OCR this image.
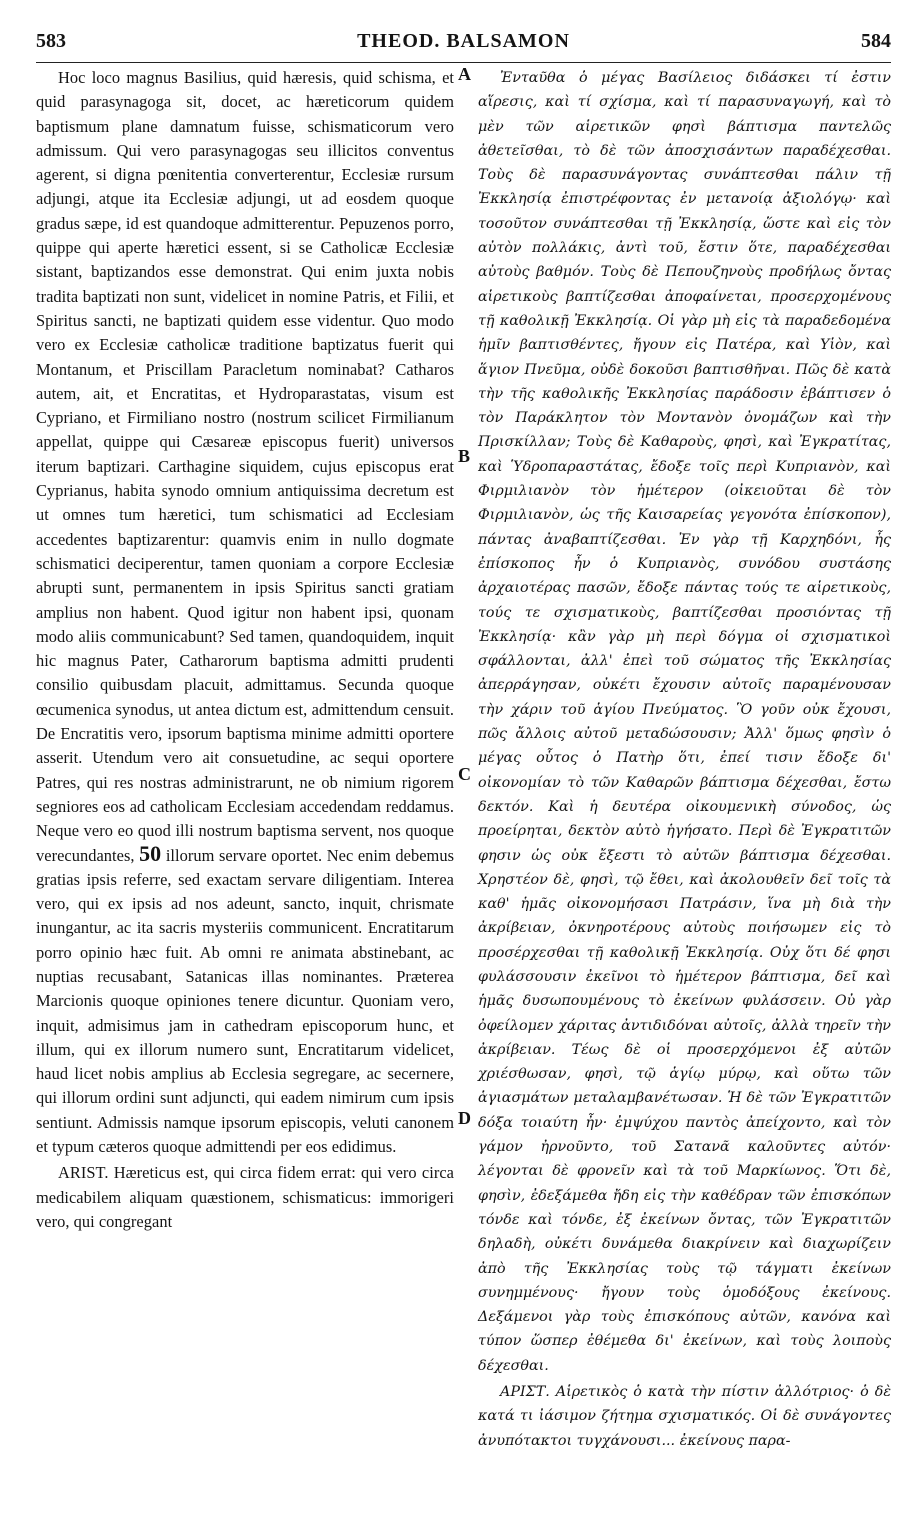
583	THEOD. BALSAMON	584

Hoc loco magnus Basilius, quid hæresis, quid schisma, et quid parasynagoga sit, docet, ac hæreticorum quidem baptismum plane damnatum fuisse, schismaticorum vero admissum. Qui vero parasynagogas seu illicitos conventus agerent, si digna pœnitentia converterentur, Ecclesiæ rursum adjungi, atque ita Ecclesiæ adjungi, ut ad eosdem quoque gradus sæpe, id est quandoque admitterentur. Pepuzenos porro, quippe qui aperte hæretici essent, si se Catholicæ Ecclesiæ sistant, baptizandos esse demonstrat. Qui enim juxta nobis tradita baptizati non sunt, videlicet in nomine Patris, et Filii, et Spiritus sancti, ne baptizati quidem esse videntur. Quo modo vero ex Ecclesiæ catholicæ traditione baptizatus fuerit qui Montanum, et Priscillam Paracletum nominabat? Catharos autem, ait, et Encratitas, et Hydroparastatas, visum est Cypriano, et Firmiliano nostro (nostrum scilicet Firmilianum appellat, quippe qui Cæsareæ episcopus fuerit) universos iterum baptizari. Carthagine siquidem, cujus episcopus erat Cyprianus, habita synodo omnium antiquissima decretum est ut omnes tum hæretici, tum schismatici ad Ecclesiam accedentes baptizarentur: quamvis enim in nullo dogmate schismatici deciperentur, tamen quoniam a corpore Ecclesiæ abrupti sunt, permanentem in ipsis Spiritus sancti gratiam amplius non habent. Quod igitur non habent ipsi, quonam modo aliis communicabunt? Sed tamen, quandoquidem, inquit hic magnus Pater, Catharorum baptisma admitti prudenti consilio quibusdam placuit, admittamus. Secunda quoque œcumenica synodus, ut antea dictum est, admittendum censuit. De Encratitis vero, ipsorum baptisma minime admitti oportere asserit. Utendum vero ait consuetudine, ac sequi oportere Patres, qui res nostras administrarunt, ne ob nimium rigorem segniores eos ad catholicam Ecclesiam accedendam reddamus. Neque vero eo quod illi nostrum baptisma servent, nos quoque verecundantes, 50 illorum servare oportet. Nec enim debemus gratias ipsis referre, sed exactam servare diligentiam. Interea vero, qui ex ipsis ad nos adeunt, sancto, inquit, chrismate inungantur, ac ita sacris mysteriis communicent. Encratitarum porro opinio hæc fuit. Ab omni re animata abstinebant, ac nuptias recusabant, Satanicas illas nominantes. Præterea Marcionis quoque opiniones tenere dicuntur. Quoniam vero, inquit, admisimus jam in cathedram episcoporum hunc, et illum, qui ex illorum numero sunt, Encratitarum videlicet, haud licet nobis amplius ab Ecclesia segregare, ac secernere, qui illorum ordini sunt adjuncti, qui eadem nimirum cum ipsis sentiunt. Admissis namque ipsorum episcopis, veluti canonem et typum cæteros quoque admittendi per eos edidimus.

ARIST. Hæreticus est, qui circa fidem errat: qui vero circa medicabilem aliquam quæstionem, schismaticus: immorigeri vero, qui congregant

A
B
C
D

Ἐνταῦθα ὁ μέγας Βασίλειος διδάσκει τί ἐστιν αἵρεσις, καὶ τί σχίσμα, καὶ τί παρασυναγωγή, καὶ τὸ μὲν τῶν αἱρετικῶν φησὶ βάπτισμα παντελῶς ἀθετεῖσθαι, τὸ δὲ τῶν ἀποσχισάντων παραδέχεσθαι. Τοὺς δὲ παρασυνάγοντας συνάπτεσθαι πάλιν τῇ Ἐκκλησίᾳ ἐπιστρέφοντας ἐν μετανοίᾳ ἀξιολόγῳ· καὶ τοσοῦτον συνάπτεσθαι τῇ Ἐκκλησίᾳ, ὥστε καὶ εἰς τὸν αὐτὸν πολλάκις, ἀντὶ τοῦ, ἔστιν ὅτε, παραδέχεσθαι αὐτοὺς βαθμόν. Τοὺς δὲ Πεπουζηνοὺς προδήλως ὄντας αἱρετικοὺς βαπτίζεσθαι ἀποφαίνεται, προσερχομένους τῇ καθολικῇ Ἐκκλησίᾳ. Οἱ γὰρ μὴ εἰς τὰ παραδεδομένα ἡμῖν βαπτισθέντες, ἤγουν εἰς Πατέρα, καὶ Υἱὸν, καὶ ἅγιον Πνεῦμα, οὐδὲ δοκοῦσι βαπτισθῆναι. Πῶς δὲ κατὰ τὴν τῆς καθολικῆς Ἐκκλησίας παράδοσιν ἐβάπτισεν ὁ τὸν Παράκλητον τὸν Μοντανὸν ὀνομάζων καὶ τὴν Πρισκίλλαν; Τοὺς δὲ Καθαροὺς, φησὶ, καὶ Ἐγκρατίτας, καὶ Ὑδροπαραστάτας, ἔδοξε τοῖς περὶ Κυπριανὸν, καὶ Φιρμιλιανὸν τὸν ἡμέτερον (οἰκειοῦται δὲ τὸν Φιρμιλιανὸν, ὡς τῆς Καισαρείας γεγονότα ἐπίσκοπον), πάντας ἀναβαπτίζεσθαι. Ἐν γὰρ τῇ Καρχηδόνι, ἧς ἐπίσκοπος ἦν ὁ Κυπριανὸς, συνόδου συστάσης ἀρχαιοτέρας πασῶν, ἔδοξε πάντας τούς τε αἱρετικοὺς, τούς τε σχισματικοὺς, βαπτίζεσθαι προσιόντας τῇ Ἐκκλησίᾳ· κἂν γὰρ μὴ περὶ δόγμα οἱ σχισματικοὶ σφάλλονται, ἀλλ' ἐπεὶ τοῦ σώματος τῆς Ἐκκλησίας ἀπερράγησαν, οὐκέτι ἔχουσιν αὐτοῖς παραμένουσαν τὴν χάριν τοῦ ἁγίου Πνεύματος. Ὃ γοῦν οὐκ ἔχουσι, πῶς ἄλλοις αὐτοῦ μεταδώσουσιν; Ἀλλ' ὅμως φησὶν ὁ μέγας οὗτος ὁ Πατὴρ ὅτι, ἐπεί τισιν ἔδοξε δι' οἰκονομίαν τὸ τῶν Καθαρῶν βάπτισμα δέχεσθαι, ἔστω δεκτόν. Καὶ ἡ δευτέρα οἰκουμενικὴ σύνοδος, ὡς προείρηται, δεκτὸν αὐτὸ ἡγήσατο. Περὶ δὲ Ἐγκρατιτῶν φησιν ὡς οὐκ ἔξεστι τὸ αὐτῶν βάπτισμα δέχεσθαι. Χρηστέον δὲ, φησὶ, τῷ ἔθει, καὶ ἀκολουθεῖν δεῖ τοῖς τὰ καθ' ἡμᾶς οἰκονομήσασι Πατράσιν, ἵνα μὴ διὰ τὴν ἀκρίβειαν, ὀκνηροτέρους αὐτοὺς ποιήσωμεν εἰς τὸ προσέρχεσθαι τῇ καθολικῇ Ἐκκλησίᾳ. Οὐχ ὅτι δέ φησι φυλάσσουσιν ἐκεῖνοι τὸ ἡμέτερον βάπτισμα, δεῖ καὶ ἡμᾶς δυσωπουμένους τὸ ἐκείνων φυλάσσειν. Οὐ γὰρ ὀφείλομεν χάριτας ἀντιδιδόναι αὐτοῖς, ἀλλὰ τηρεῖν τὴν ἀκρίβειαν. Τέως δὲ οἱ προσερχόμενοι ἐξ αὐτῶν χριέσθωσαν, φησὶ, τῷ ἁγίῳ μύρῳ, καὶ οὕτω τῶν ἁγιασμάτων μεταλαμβανέτωσαν. Ἡ δὲ τῶν Ἐγκρατιτῶν δόξα τοιαύτη ἦν· ἐμψύχου παντὸς ἀπείχοντο, καὶ τὸν γάμον ἠρνοῦντο, τοῦ Σατανᾶ καλοῦντες αὐτόν· λέγονται δὲ φρονεῖν καὶ τὰ τοῦ Μαρκίωνος. Ὅτι δὲ, φησὶν, ἐδεξάμεθα ἤδη εἰς τὴν καθέδραν τῶν ἐπισκόπων τόνδε καὶ τόνδε, ἐξ ἐκείνων ὄντας, τῶν Ἐγκρατιτῶν δηλαδὴ, οὐκέτι δυνάμεθα διακρίνειν καὶ διαχωρίζειν ἀπὸ τῆς Ἐκκλησίας τοὺς τῷ τάγματι ἐκείνων συνημμένους· ἤγουν τοὺς ὁμοδόξους ἐκείνους. Δεξάμενοι γὰρ τοὺς ἐπισκόπους αὐτῶν, κανόνα καὶ τύπον ὥσπερ ἐθέμεθα δι' ἐκείνων, καὶ τοὺς λοιποὺς δέχεσθαι.

ΑΡΙΣΤ. Αἱρετικὸς ὁ κατὰ τὴν πίστιν ἀλλότριος· ὁ δὲ κατά τι ἰάσιμον ζήτημα σχισματικός. Οἱ δὲ συνάγοντες ἀνυπότακτοι τυγχάνουσι... ἐκείνους παρα-
